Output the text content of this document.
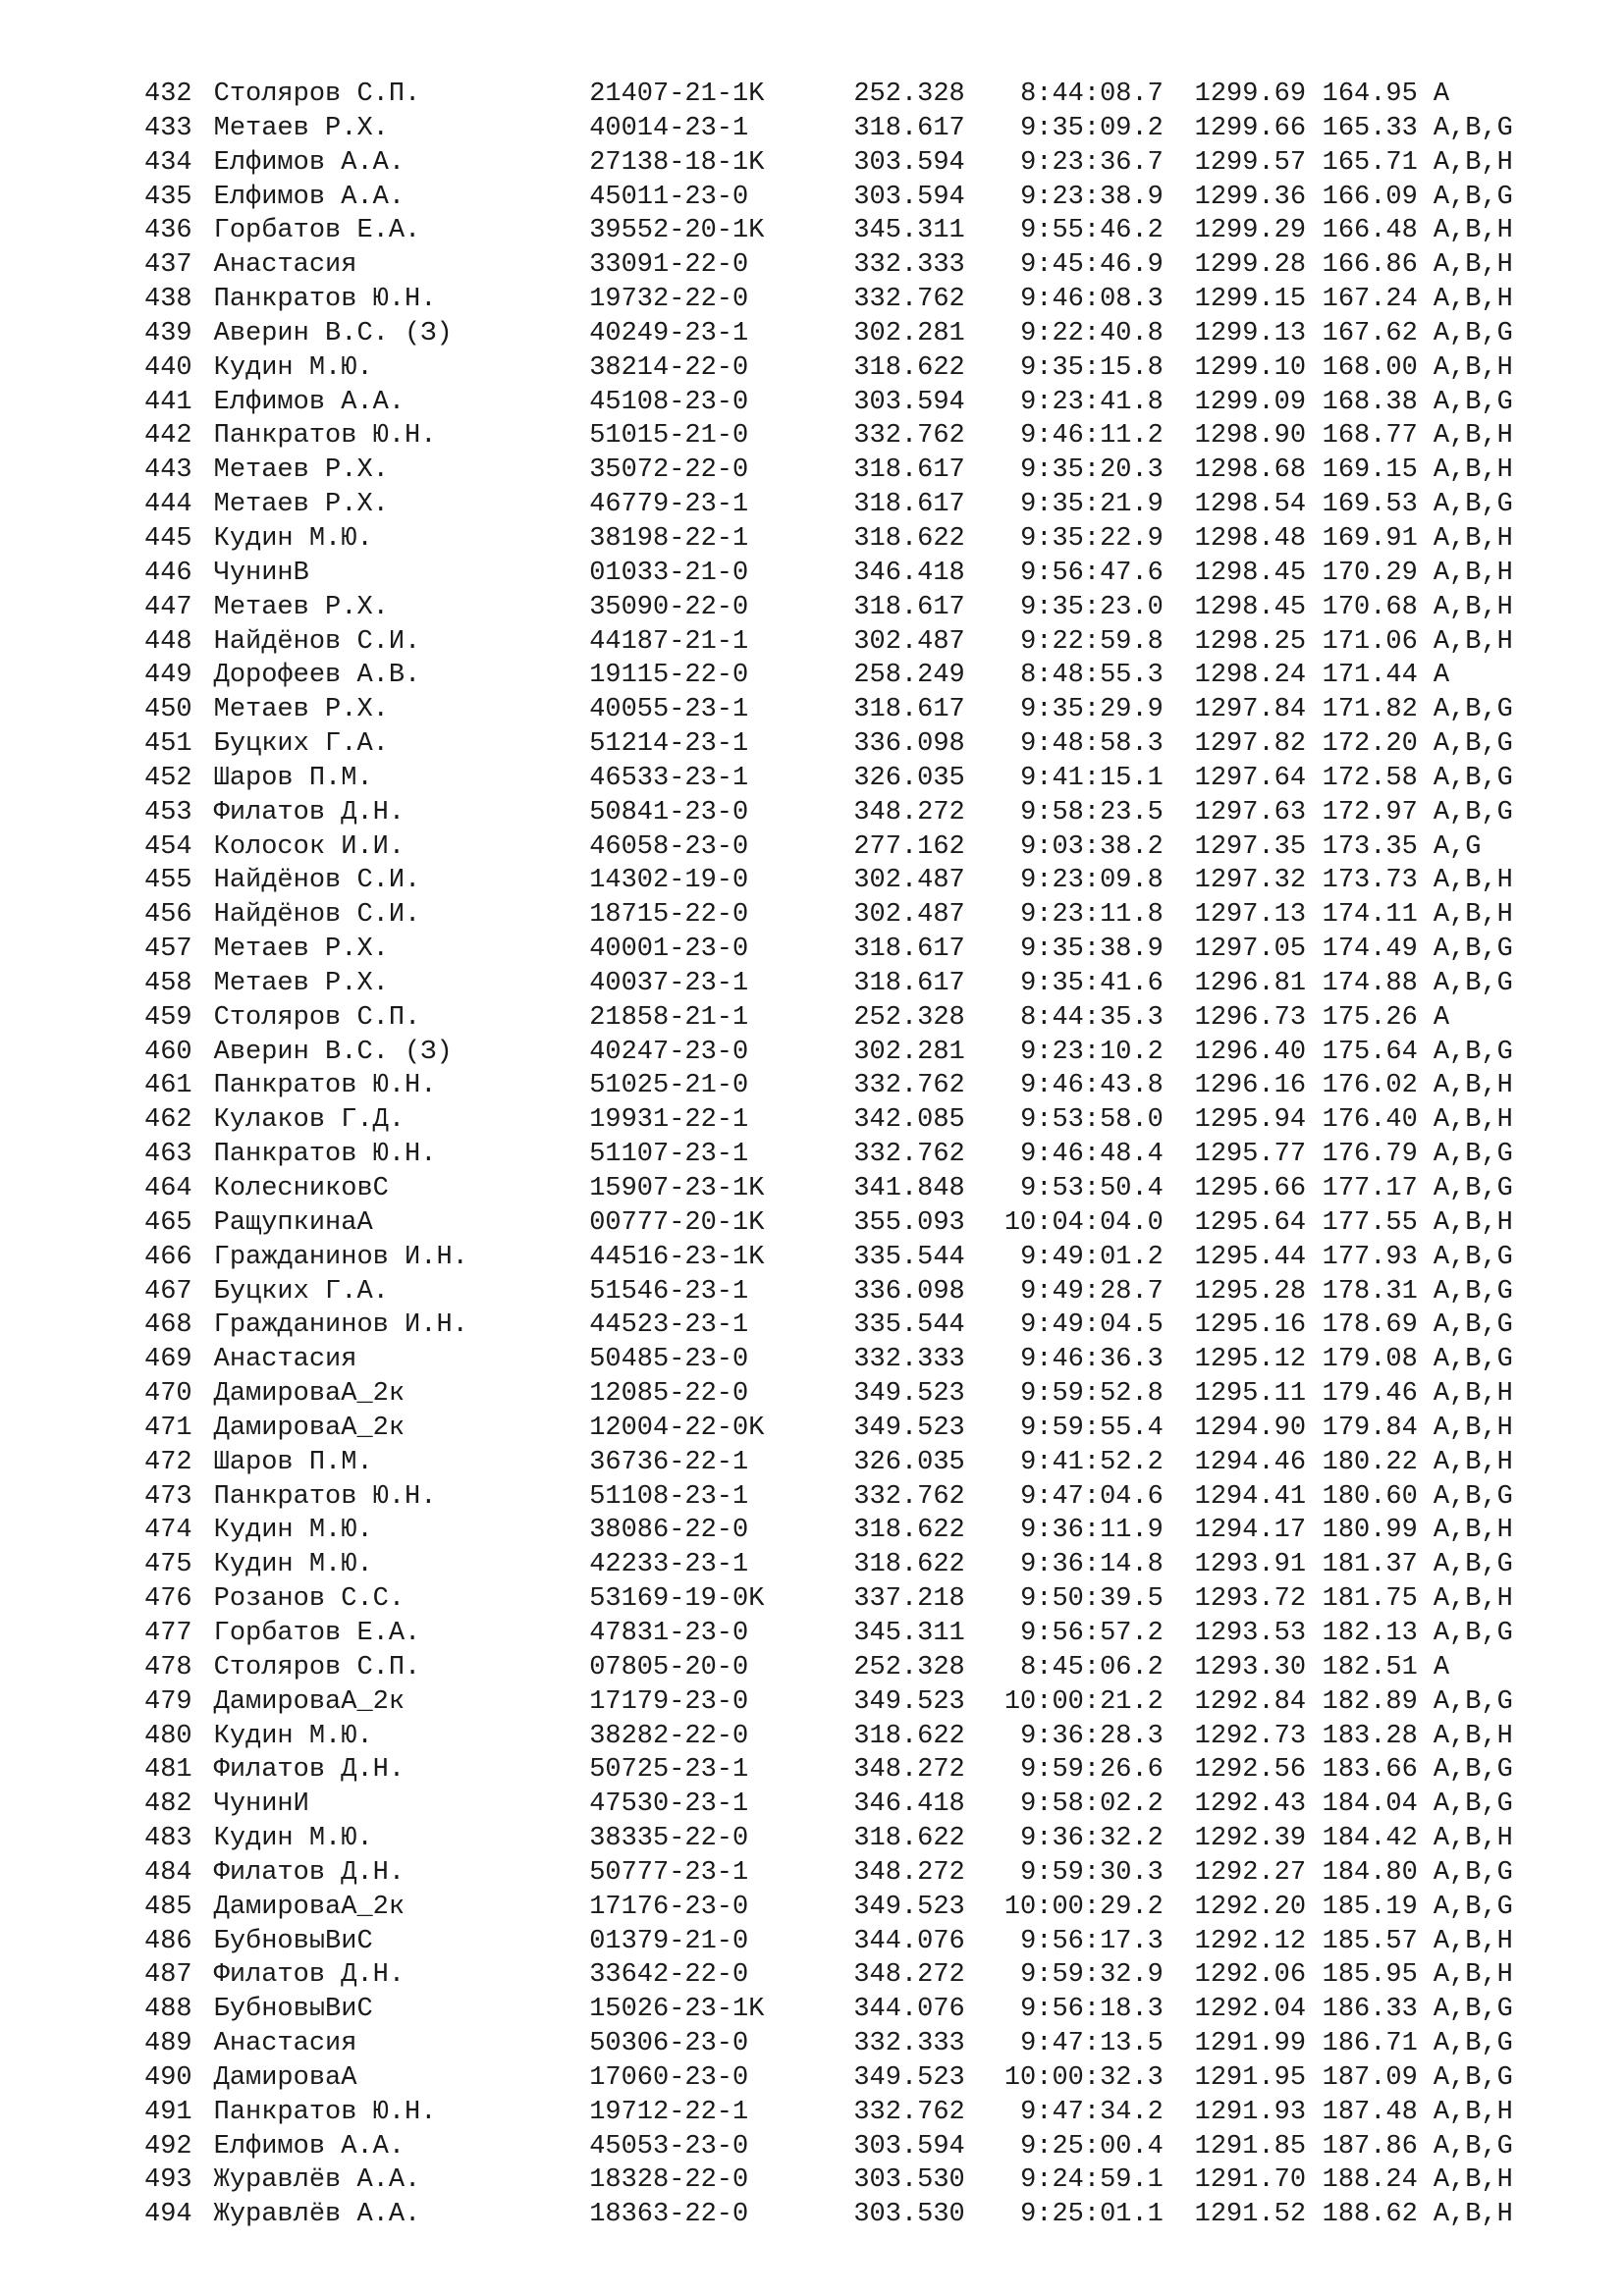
432 Столяров С.П.	21407-21-1K	252.328	8:44:08.7	1299.69 164.95 A
433 Метаев Р.Х.	40014-23-1	318.617	9:35:09.2	1299.66 165.33 A,B,G
434 Елфимов А.А.	27138-18-1K	303.594	9:23:36.7	1299.57 165.71 A,B,H
435 Елфимов А.А.	45011-23-0	303.594	9:23:38.9	1299.36 166.09 A,B,G
436 Горбатов Е.А.	39552-20-1K	345.311	9:55:46.2	1299.29 166.48 A,B,H
437 Анастасия	33091-22-0	332.333	9:45:46.9	1299.28 166.86 A,B,H
438 Панкратов Ю.Н.	19732-22-0	332.762	9:46:08.3	1299.15 167.24 A,B,H
439 Аверин В.С. (З)	40249-23-1	302.281	9:22:40.8	1299.13 167.62 A,B,G
440 Кудин М.Ю.	38214-22-0	318.622	9:35:15.8	1299.10 168.00 A,B,H
441 Елфимов А.А.	45108-23-0	303.594	9:23:41.8	1299.09 168.38 A,B,G
442 Панкратов Ю.Н.	51015-21-0	332.762	9:46:11.2	1298.90 168.77 A,B,H
443 Метаев Р.Х.	35072-22-0	318.617	9:35:20.3	1298.68 169.15 A,B,H
444 Метаев Р.Х.	46779-23-1	318.617	9:35:21.9	1298.54 169.53 A,B,G
445 Кудин М.Ю.	38198-22-1	318.622	9:35:22.9	1298.48 169.91 A,B,H
446 ЧунинВ	01033-21-0	346.418	9:56:47.6	1298.45 170.29 A,B,H
447 Метаев Р.Х.	35090-22-0	318.617	9:35:23.0	1298.45 170.68 A,B,H
448 Найдёнов С.И.	44187-21-1	302.487	9:22:59.8	1298.25 171.06 A,B,H
449 Дорофеев А.В.	19115-22-0	258.249	8:48:55.3	1298.24 171.44 A
450 Метаев Р.Х.	40055-23-1	318.617	9:35:29.9	1297.84 171.82 A,B,G
451 Буцких Г.А.	51214-23-1	336.098	9:48:58.3	1297.82 172.20 A,B,G
452 Шаров П.М.	46533-23-1	326.035	9:41:15.1	1297.64 172.58 A,B,G
453 Филатов Д.Н.	50841-23-0	348.272	9:58:23.5	1297.63 172.97 A,B,G
454 Колосок И.И.	46058-23-0	277.162	9:03:38.2	1297.35 173.35 A,G
455 Найдёнов С.И.	14302-19-0	302.487	9:23:09.8	1297.32 173.73 A,B,H
456 Найдёнов С.И.	18715-22-0	302.487	9:23:11.8	1297.13 174.11 A,B,H
457 Метаев Р.Х.	40001-23-0	318.617	9:35:38.9	1297.05 174.49 A,B,G
458 Метаев Р.Х.	40037-23-1	318.617	9:35:41.6	1296.81 174.88 A,B,G
459 Столяров С.П.	21858-21-1	252.328	8:44:35.3	1296.73 175.26 A
460 Аверин В.С. (З)	40247-23-0	302.281	9:23:10.2	1296.40 175.64 A,B,G
461 Панкратов Ю.Н.	51025-21-0	332.762	9:46:43.8	1296.16 176.02 A,B,H
462 Кулаков Г.Д.	19931-22-1	342.085	9:53:58.0	1295.94 176.40 A,B,H
463 Панкратов Ю.Н.	51107-23-1	332.762	9:46:48.4	1295.77 176.79 A,B,G
464 КолесниковС	15907-23-1K	341.848	9:53:50.4	1295.66 177.17 A,B,G
465 РащупкинаА	00777-20-1K	355.093	10:04:04.0	1295.64 177.55 A,B,H
466 Гражданинов И.Н.	44516-23-1K	335.544	9:49:01.2	1295.44 177.93 A,B,G
467 Буцких Г.А.	51546-23-1	336.098	9:49:28.7	1295.28 178.31 A,B,G
468 Гражданинов И.Н.	44523-23-1	335.544	9:49:04.5	1295.16 178.69 A,B,G
469 Анастасия	50485-23-0	332.333	9:46:36.3	1295.12 179.08 A,B,G
470 ДамироваА_2к	12085-22-0	349.523	9:59:52.8	1295.11 179.46 A,B,H
471 ДамироваА_2к	12004-22-0K	349.523	9:59:55.4	1294.90 179.84 A,B,H
472 Шаров П.М.	36736-22-1	326.035	9:41:52.2	1294.46 180.22 A,B,H
473 Панкратов Ю.Н.	51108-23-1	332.762	9:47:04.6	1294.41 180.60 A,B,G
474 Кудин М.Ю.	38086-22-0	318.622	9:36:11.9	1294.17 180.99 A,B,H
475 Кудин М.Ю.	42233-23-1	318.622	9:36:14.8	1293.91 181.37 A,B,G
476 Розанов С.С.	53169-19-0K	337.218	9:50:39.5	1293.72 181.75 A,B,H
477 Горбатов Е.А.	47831-23-0	345.311	9:56:57.2	1293.53 182.13 A,B,G
478 Столяров С.П.	07805-20-0	252.328	8:45:06.2	1293.30 182.51 A
479 ДамироваА_2к	17179-23-0	349.523	10:00:21.2	1292.84 182.89 A,B,G
480 Кудин М.Ю.	38282-22-0	318.622	9:36:28.3	1292.73 183.28 A,B,H
481 Филатов Д.Н.	50725-23-1	348.272	9:59:26.6	1292.56 183.66 A,B,G
482 ЧунинИ	47530-23-1	346.418	9:58:02.2	1292.43 184.04 A,B,G
483 Кудин М.Ю.	38335-22-0	318.622	9:36:32.2	1292.39 184.42 A,B,H
484 Филатов Д.Н.	50777-23-1	348.272	9:59:30.3	1292.27 184.80 A,B,G
485 ДамироваА_2к	17176-23-0	349.523	10:00:29.2	1292.20 185.19 A,B,G
486 БубновыВиС	01379-21-0	344.076	9:56:17.3	1292.12 185.57 A,B,H
487 Филатов Д.Н.	33642-22-0	348.272	9:59:32.9	1292.06 185.95 A,B,H
488 БубновыВиС	15026-23-1K	344.076	9:56:18.3	1292.04 186.33 A,B,G
489 Анастасия	50306-23-0	332.333	9:47:13.5	1291.99 186.71 A,B,G
490 ДамироваА	17060-23-0	349.523	10:00:32.3	1291.95 187.09 A,B,G
491 Панкратов Ю.Н.	19712-22-1	332.762	9:47:34.2	1291.93 187.48 A,B,H
492 Елфимов А.А.	45053-23-0	303.594	9:25:00.4	1291.85 187.86 A,B,G
493 Журавлёв А.А.	18328-22-0	303.530	9:24:59.1	1291.70 188.24 A,B,H
494 Журавлёв А.А.	18363-22-0	303.530	9:25:01.1	1291.52 188.62 A,B,H
